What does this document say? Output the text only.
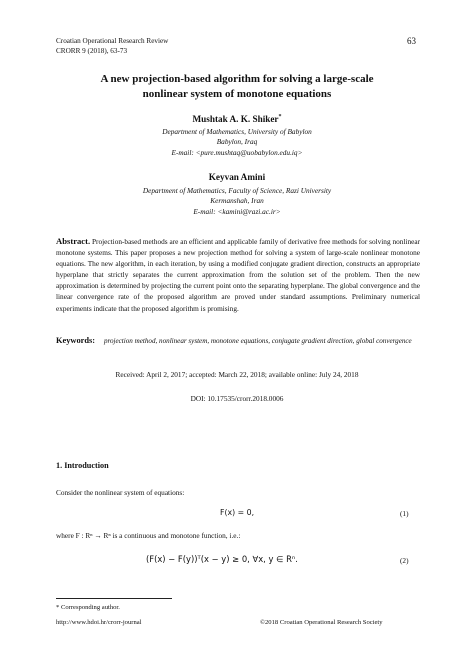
Croatian Operational Research Review
CRORR 9 (2018), 63-73
63
A new projection-based algorithm for solving a large-scale
nonlinear system of monotone equations
Mushtak A. K. Shiker*
Department of Mathematics, University of Babylon
Babylon, Iraq
E-mail: <pure.mushtaq@uobabylon.edu.iq>
Keyvan Amini
Department of Mathematics, Faculty of Science, Razi University
Kermanshah, Iran
E-mail: <kamini@razi.ac.ir>
Abstract. Projection-based methods are an efficient and applicable family of derivative free methods for solving nonlinear monotone systems. This paper proposes a new projection method for solving a system of large-scale nonlinear monotone equations. The new algorithm, in each iteration, by using a modified conjugate gradient direction, constructs an appropriate hyperplane that strictly separates the current approximation from the solution set of the problem. Then the new approximation is determined by projecting the current point onto the separating hyperplane. The global convergence and the linear convergence rate of the proposed algorithm are proved under standard assumptions. Preliminary numerical experiments indicate that the proposed algorithm is promising.
Keywords: projection method, nonlinear system, monotone equations, conjugate gradient direction, global convergence
Received: April 2, 2017; accepted: March 22, 2018; available online: July 24, 2018
DOI: 10.17535/crorr.2018.0006
1. Introduction
Consider the nonlinear system of equations:
F(x) = 0,	(1)
where F : Rⁿ → Rⁿ is a continuous and monotone function, i.e.:
(F(x) − F(y))ᵀ(x − y) ≥ 0, ∀x, y ∈ Rⁿ.	(2)
* Corresponding author.
http://www.hdoi.hr/crorr-journal	©2018 Croatian Operational Research Society
